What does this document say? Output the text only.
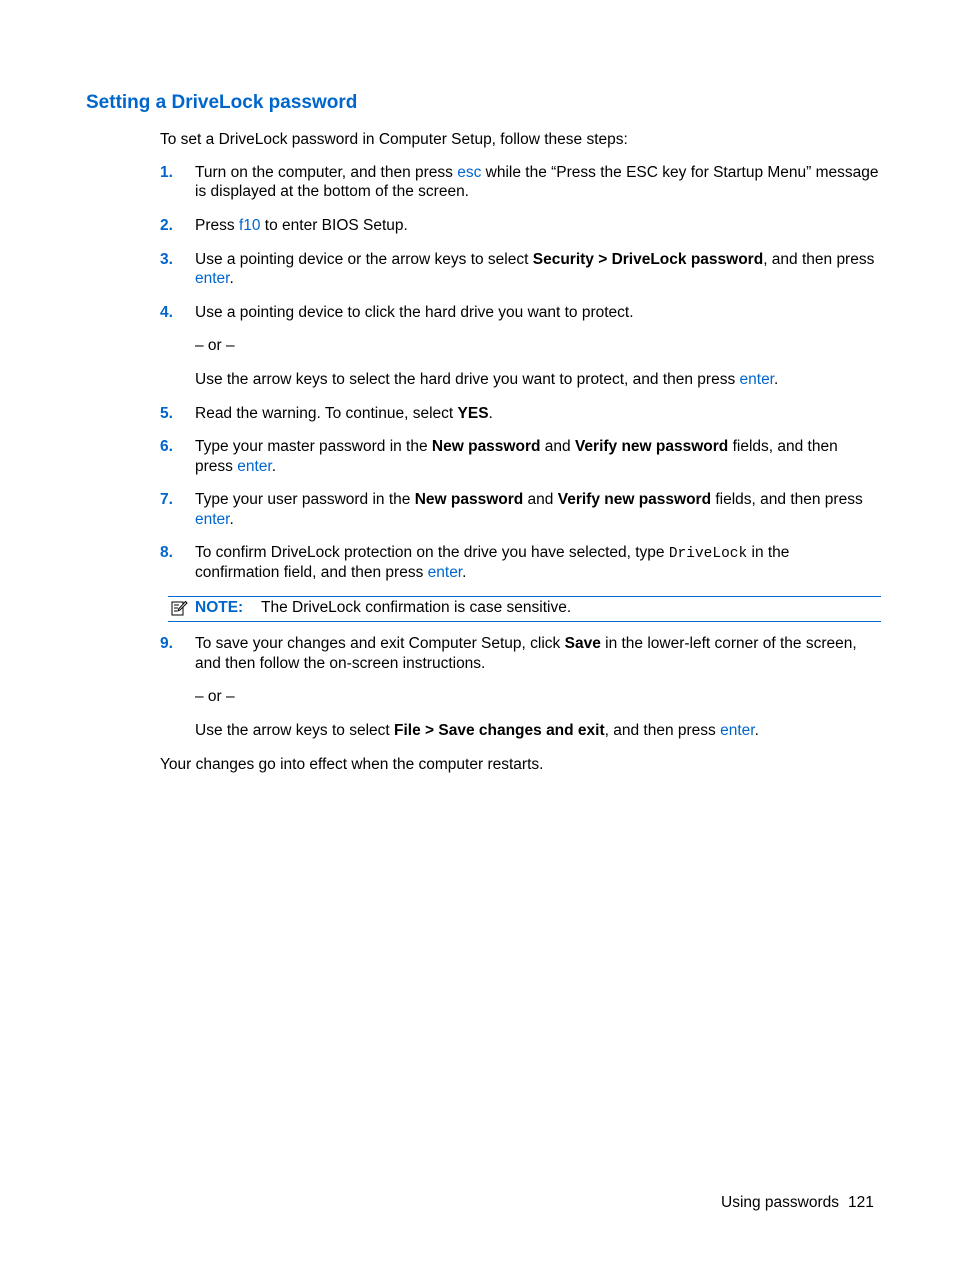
Setting a DriveLock password
To set a DriveLock password in Computer Setup, follow these steps:
1. Turn on the computer, and then press esc while the “Press the ESC key for Startup Menu” message
is displayed at the bottom of the screen.
2. Press f10 to enter BIOS Setup.
3. Use a pointing device or the arrow keys to select Security > DriveLock password, and then press
enter.
4. Use a pointing device to click the hard drive you want to protect.
– or –
Use the arrow keys to select the hard drive you want to protect, and then press enter.
5. Read the warning. To continue, select YES.
6. Type your master password in the New password and Verify new password fields, and then
press enter.
7. Type your user password in the New password and Verify new password fields, and then press
enter.
8. To confirm DriveLock protection on the drive you have selected, type DriveLock in the
confirmation field, and then press enter.
NOTE: The DriveLock confirmation is case sensitive.
9. To save your changes and exit Computer Setup, click Save in the lower-left corner of the screen,
and then follow the on-screen instructions.
– or –
Use the arrow keys to select File > Save changes and exit, and then press enter.
Your changes go into effect when the computer restarts.
Using passwords 121
